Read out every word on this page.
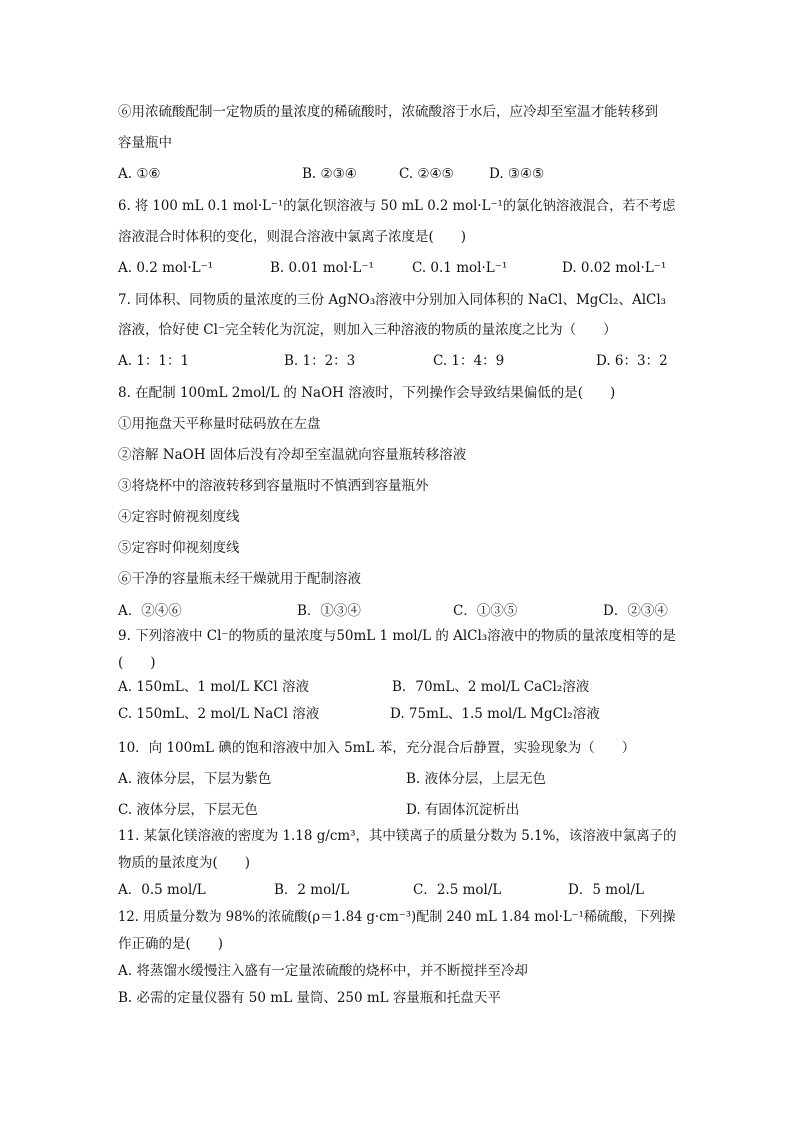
⑥用浓硫酸配制一定物质的量浓度的稀硫酸时，浓硫酸溶于水后，应冷却至室温才能转移到
容量瓶中
A. ①⑥	B. ②③④	C. ②④⑤	D. ③④⑤
6. 将 100 mL 0.1 mol·L⁻¹的氯化钡溶液与 50 mL 0.2 mol·L⁻¹的氯化钠溶液混合，若不考虑
溶液混合时体积的变化，则混合溶液中氯离子浓度是(　　)
A. 0.2 mol·L⁻¹	B. 0.01 mol·L⁻¹	C. 0.1 mol·L⁻¹	D. 0.02 mol·L⁻¹
7. 同体积、同物质的量浓度的三份 AgNO₃溶液中分别加入同体积的 NaCl、MgCl₂、AlCl₃
溶液，恰好使 Cl⁻完全转化为沉淀，则加入三种溶液的物质的量浓度之比为（　　）
A. 1：1：1	B. 1：2：3	C. 1：4：9	D. 6：3：2
8. 在配制 100mL 2mol/L 的 NaOH 溶液时，下列操作会导致结果偏低的是(　　)
①用拖盘天平称量时砝码放在左盘
②溶解 NaOH 固体后没有冷却至室温就向容量瓶转移溶液
③将烧杯中的溶液转移到容量瓶时不慎洒到容量瓶外
④定容时俯视刻度线
⑤定容时仰视刻度线
⑥干净的容量瓶未经干燥就用于配制溶液
A．②④⑥	B．①③④	C．①③⑤	D．②③④
9. 下列溶液中 Cl⁻的物质的量浓度与50mL 1 mol/L 的 AlCl₃溶液中的物质的量浓度相等的是
(　　)
A. 150mL、1 mol/L KCl 溶液	B．70mL、2 mol/L CaCl₂溶液
C. 150mL、2 mol/L NaCl 溶液	D. 75mL、1.5 mol/L MgCl₂溶液
10．向 100mL 碘的饱和溶液中加入 5mL 苯，充分混合后静置，实验现象为（　　）
A. 液体分层，下层为紫色	B. 液体分层，上层无色
C. 液体分层，下层无色	D. 有固体沉淀析出
11. 某氯化镁溶液的密度为 1.18 g/cm³，其中镁离子的质量分数为 5.1%，该溶液中氯离子的
物质的量浓度为(　　)
A．0.5 mol/L	B．2 mol/L	C．2.5 mol/L	D．5 mol/L
12. 用质量分数为 98%的浓硫酸(ρ＝1.84 g·cm⁻³)配制 240 mL 1.84 mol·L⁻¹稀硫酸，下列操
作正确的是(　　)
A. 将蒸馏水缓慢注入盛有一定量浓硫酸的烧杯中，并不断搅拌至冷却
B. 必需的定量仪器有 50 mL 量筒、250 mL 容量瓶和托盘天平
